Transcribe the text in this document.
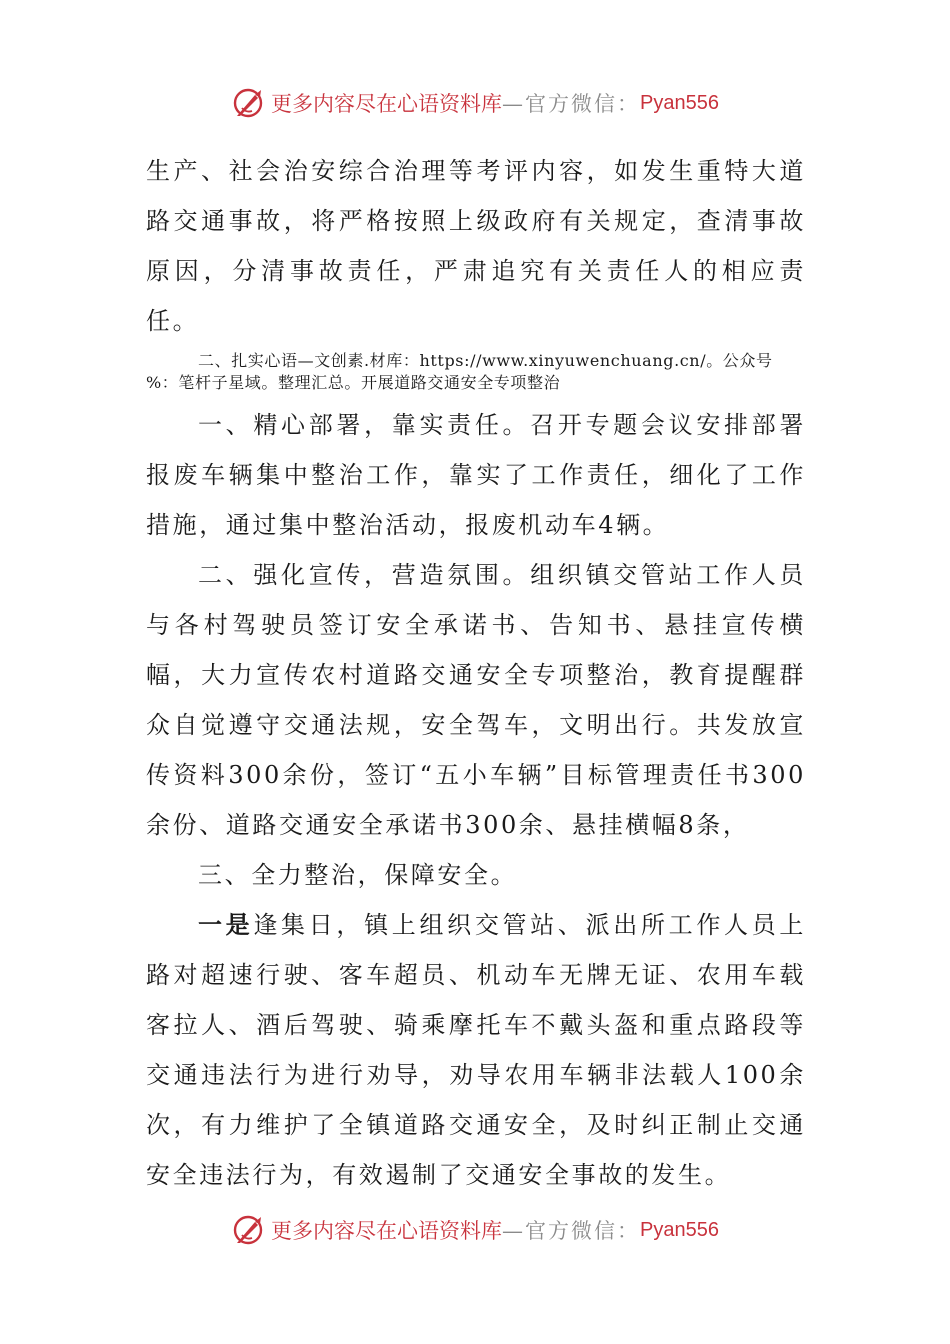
更多内容尽在心语资料库 —官方微信： Pyan556

生产、社会治安综合治理等考评内容，如发生重特大道路交通事故，将严格按照上级政府有关规定，查清事故原因，分清事故责任，严肃追究有关责任人的相应责任。

二、扎实心语—文创素.材库：https://www.xinyuwenchuang.cn/。公众号
%：笔杆子星域。整理汇总。开展道路交通安全专项整治

一、精心部署，靠实责任。召开专题会议安排部署报废车辆集中整治工作，靠实了工作责任，细化了工作措施，通过集中整治活动，报废机动车4辆。

二、强化宣传，营造氛围。组织镇交管站工作人员与各村驾驶员签订安全承诺书、告知书、悬挂宣传横幅，大力宣传农村道路交通安全专项整治，教育提醒群众自觉遵守交通法规，安全驾车，文明出行。共发放宣传资料300余份，签订“五小车辆”目标管理责任书300余份、道路交通安全承诺书300余、悬挂横幅8条，

三、全力整治，保障安全。

一是逢集日，镇上组织交管站、派出所工作人员上路对超速行驶、客车超员、机动车无牌无证、农用车载客拉人、酒后驾驶、骑乘摩托车不戴头盔和重点路段等交通违法行为进行劝导，劝导农用车辆非法载人100余次，有力维护了全镇道路交通安全，及时纠正制止交通安全违法行为，有效遏制了交通安全事故的发生。

更多内容尽在心语资料库 —官方微信： Pyan556
